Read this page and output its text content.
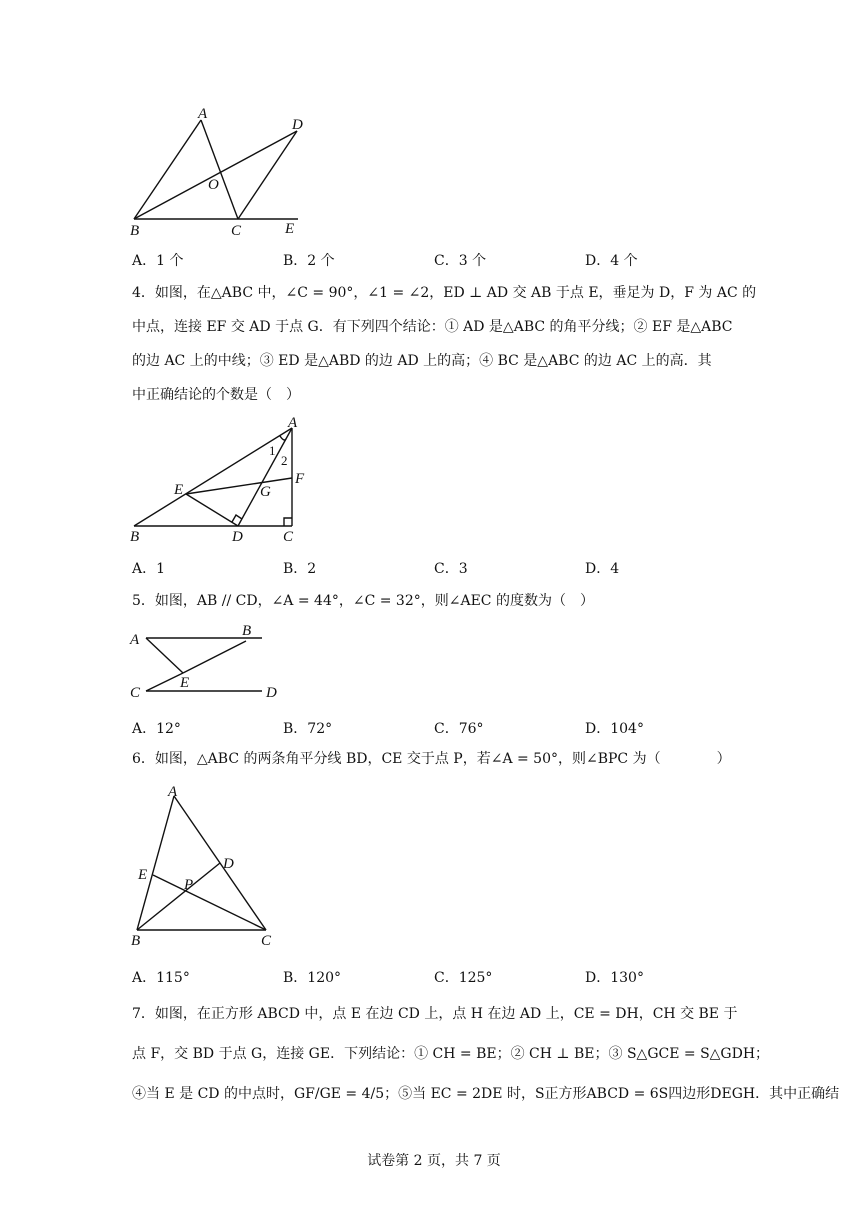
A
D
O
B	C	E
A．1 个	B．2 个	C．3 个	D．4 个

4．如图，在△ABC 中，∠C = 90°，∠1 = ∠2，ED ⊥ AD 交 AB 于点 E，垂足为 D，F 为 AC 的

中点，连接 EF 交 AD 于点 G．有下列四个结论：① AD 是△ABC 的角平分线；② EF 是△ABC

的边 AC 上的中线；③ ED 是△ABD 的边 AD 上的高；④ BC 是△ABC 的边 AC 上的高．其

中正确结论的个数是（　）

A
1
2
F
E	G
B	D	C
A．1	B．2	C．3	D．4

5．如图，AB // CD，∠A = 44°，∠C = 32°，则∠AEC 的度数为（　）

A
B
E
C	D
A．12°	B．72°	C．76°	D．104°

6．如图，△ABC 的两条角平分线 BD，CE 交于点 P，若∠A = 50°，则∠BPC 为（　　　　）

A
D
E
P
B	C
A．115°	B．120°	C．125°	D．130°

7．如图，在正方形 ABCD 中，点 E 在边 CD 上，点 H 在边 AD 上，CE = DH，CH 交 BE 于

点 F，交 BD 于点 G，连接 GE．下列结论：① CH = BE；② CH ⊥ BE；③ S△GCE = S△GDH；

④当 E 是 CD 的中点时，GF/GE = 4/5；⑤当 EC = 2DE 时，S正方形ABCD = 6S四边形DEGH．其中正确结

试卷第 2 页，共 7 页
